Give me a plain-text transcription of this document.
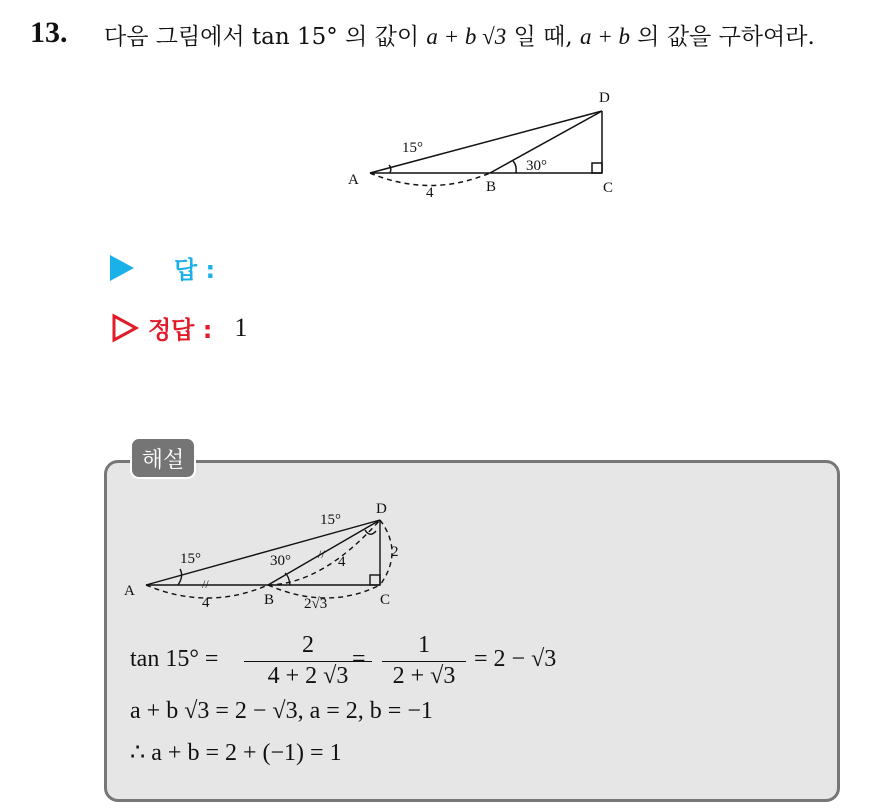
13. 다음 그림에서 tan 15° 의 값이 a + b √3 일 때, a + b 의 값을 구하여라.
A	B	C
D
15°
30°
4
답 :
정답 : 1
해설
A
B	C
D
15°
15°
30°
4
4
2√3
2
//
//
$\tan 15^\circ = \frac{2}{4 + 2 √3}$
= $\frac{1}{2 + √3} = 2 - √3$
a + b √3 = 2 − √3, a = 2, b = −1
∴ a + b = 2 + (−1) = 1
